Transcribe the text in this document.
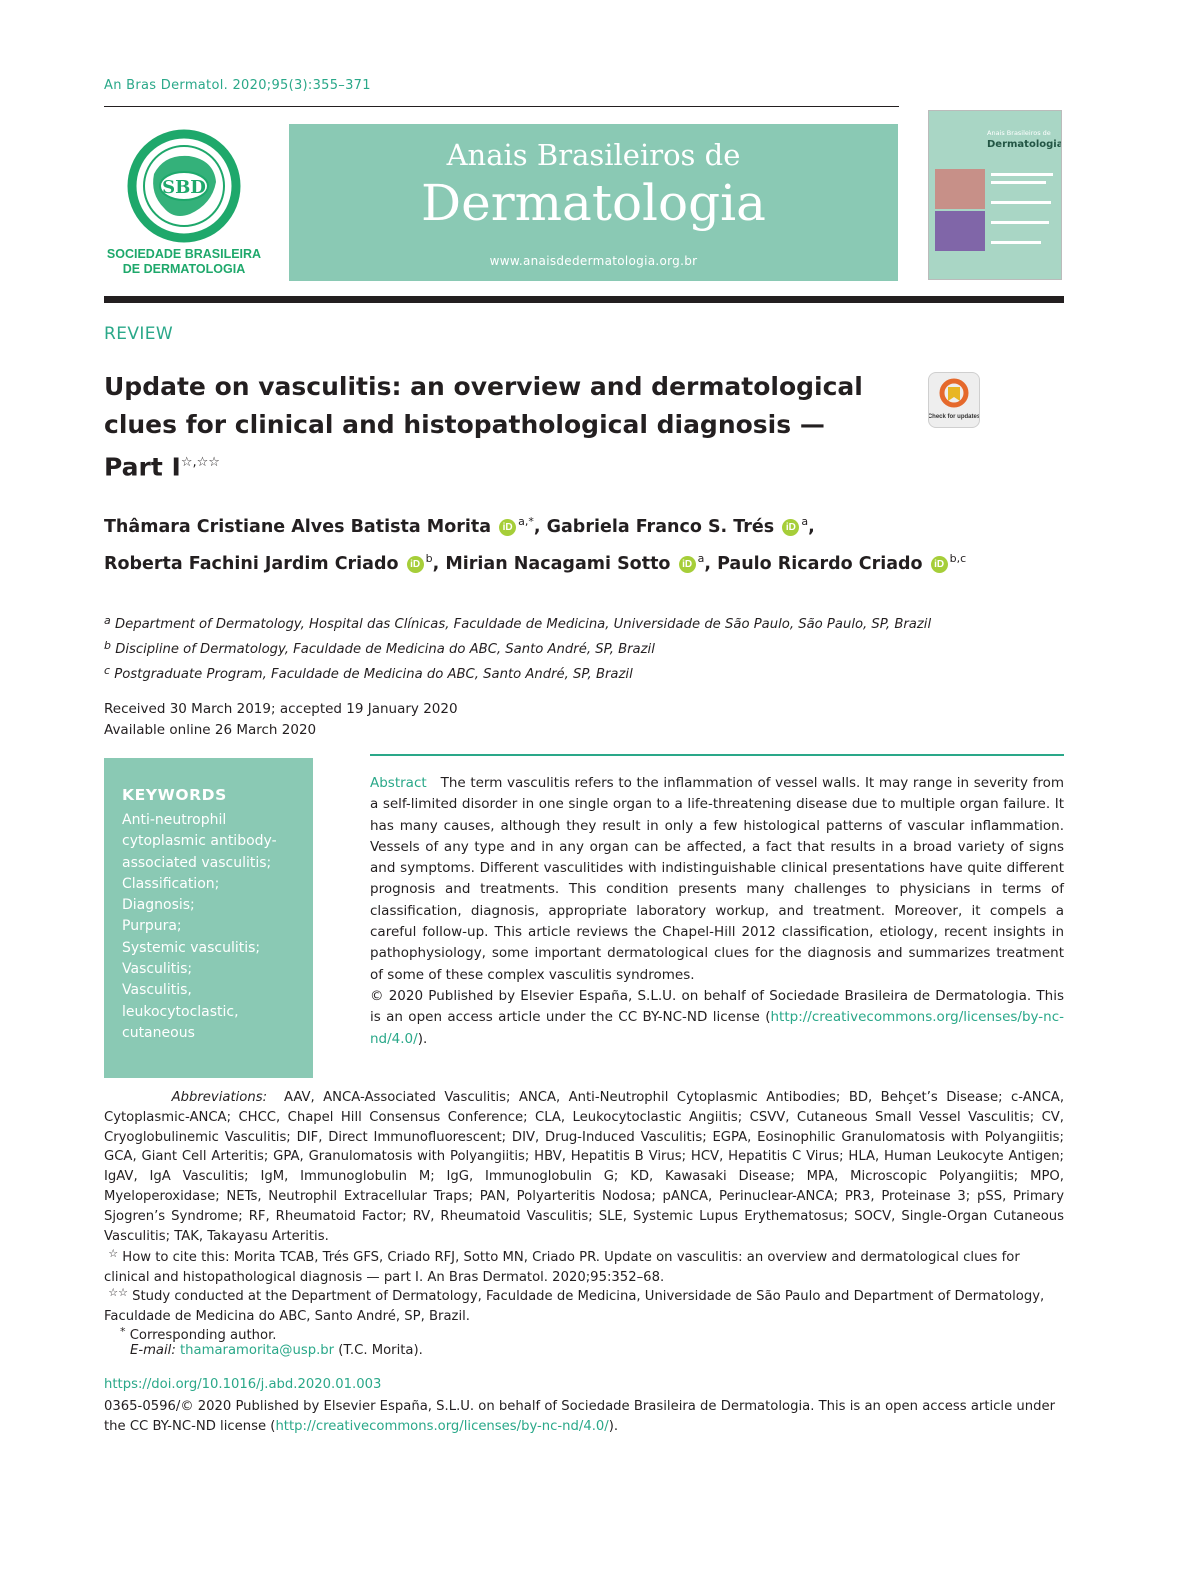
An Bras Dermatol. 2020;95(3):355–371
SBD
SOCIEDADE BRASILEIRA
DE DERMATOLOGIA
Anais Brasileiros de
Dermatologia
www.anaisdedermatologia.org.br
Anais Brasileiros de
Dermatologia
REVIEW
Update on vasculitis: an overview and dermatological
clues for clinical and histopathological diagnosis —
Part I☆,☆☆
Check for updates
Thâmara Cristiane Alves Batista Morita iD $^{a,*}$, Gabriela Franco S. Trés iD $^a$,
Roberta Fachini Jardim Criado iD $^b$, Mirian Nacagami Sotto iD $^a$, Paulo Ricardo Criado iD $^{b,c}$
$^a$ Department of Dermatology, Hospital das Clínicas, Faculdade de Medicina, Universidade de São Paulo, São Paulo, SP, Brazil
$^b$ Discipline of Dermatology, Faculdade de Medicina do ABC, Santo André, SP, Brazil
$^c$ Postgraduate Program, Faculdade de Medicina do ABC, Santo André, SP, Brazil
Received 30 March 2019; accepted 19 January 2020
Available online 26 March 2020
KEYWORDS
Anti-neutrophil cytoplasmic antibody-associated vasculitis;
Classification;
Diagnosis;
Purpura;
Systemic vasculitis;
Vasculitis;
Vasculitis, leukocytoclastic, cutaneous
Abstract The term vasculitis refers to the inflammation of vessel walls. It may range in severity from a self-limited disorder in one single organ to a life-threatening disease due to multiple organ failure. It has many causes, although they result in only a few histological patterns of vascular inflammation. Vessels of any type and in any organ can be affected, a fact that results in a broad variety of signs and symptoms. Different vasculitides with indistinguishable clinical presentations have quite different prognosis and treatments. This condition presents many challenges to physicians in terms of classification, diagnosis, appropriate laboratory workup, and treatment. Moreover, it compels a careful follow-up. This article reviews the Chapel-Hill 2012 classification, etiology, recent insights in pathophysiology, some important dermatological clues for the diagnosis and summarizes treatment of some of these complex vasculitis syndromes.
© 2020 Published by Elsevier España, S.L.U. on behalf of Sociedade Brasileira de Dermatologia. This is an open access article under the CC BY-NC-ND license (http://creativecommons.org/licenses/by-nc-nd/4.0/).
Abbreviations: AAV, ANCA-Associated Vasculitis; ANCA, Anti-Neutrophil Cytoplasmic Antibodies; BD, Behçet’s Disease; c-ANCA, Cytoplasmic-ANCA; CHCC, Chapel Hill Consensus Conference; CLA, Leukocytoclastic Angiitis; CSVV, Cutaneous Small Vessel Vasculitis; CV, Cryoglobulinemic Vasculitis; DIF, Direct Immunofluorescent; DIV, Drug-Induced Vasculitis; EGPA, Eosinophilic Granulomatosis with Polyangiitis; GCA, Giant Cell Arteritis; GPA, Granulomatosis with Polyangiitis; HBV, Hepatitis B Virus; HCV, Hepatitis C Virus; HLA, Human Leukocyte Antigen; IgAV, IgA Vasculitis; IgM, Immunoglobulin M; IgG, Immunoglobulin G; KD, Kawasaki Disease; MPA, Microscopic Polyangiitis; MPO, Myeloperoxidase; NETs, Neutrophil Extracellular Traps; PAN, Polyarteritis Nodosa; pANCA, Perinuclear-ANCA; PR3, Proteinase 3; pSS, Primary Sjogren’s Syndrome; RF, Rheumatoid Factor; RV, Rheumatoid Vasculitis; SLE, Systemic Lupus Erythematosus; SOCV, Single-Organ Cutaneous Vasculitis; TAK, Takayasu Arteritis.
☆ How to cite this: Morita TCAB, Trés GFS, Criado RFJ, Sotto MN, Criado PR. Update on vasculitis: an overview and dermatological clues for clinical and histopathological diagnosis — part I. An Bras Dermatol. 2020;95:352–68.
☆☆ Study conducted at the Department of Dermatology, Faculdade de Medicina, Universidade de São Paulo and Department of Dermatology, Faculdade de Medicina do ABC, Santo André, SP, Brazil.
* Corresponding author.
E-mail: thamaramorita@usp.br (T.C. Morita).
https://doi.org/10.1016/j.abd.2020.01.003
0365-0596/© 2020 Published by Elsevier España, S.L.U. on behalf of Sociedade Brasileira de Dermatologia. This is an open access article under the CC BY-NC-ND license (http://creativecommons.org/licenses/by-nc-nd/4.0/).
